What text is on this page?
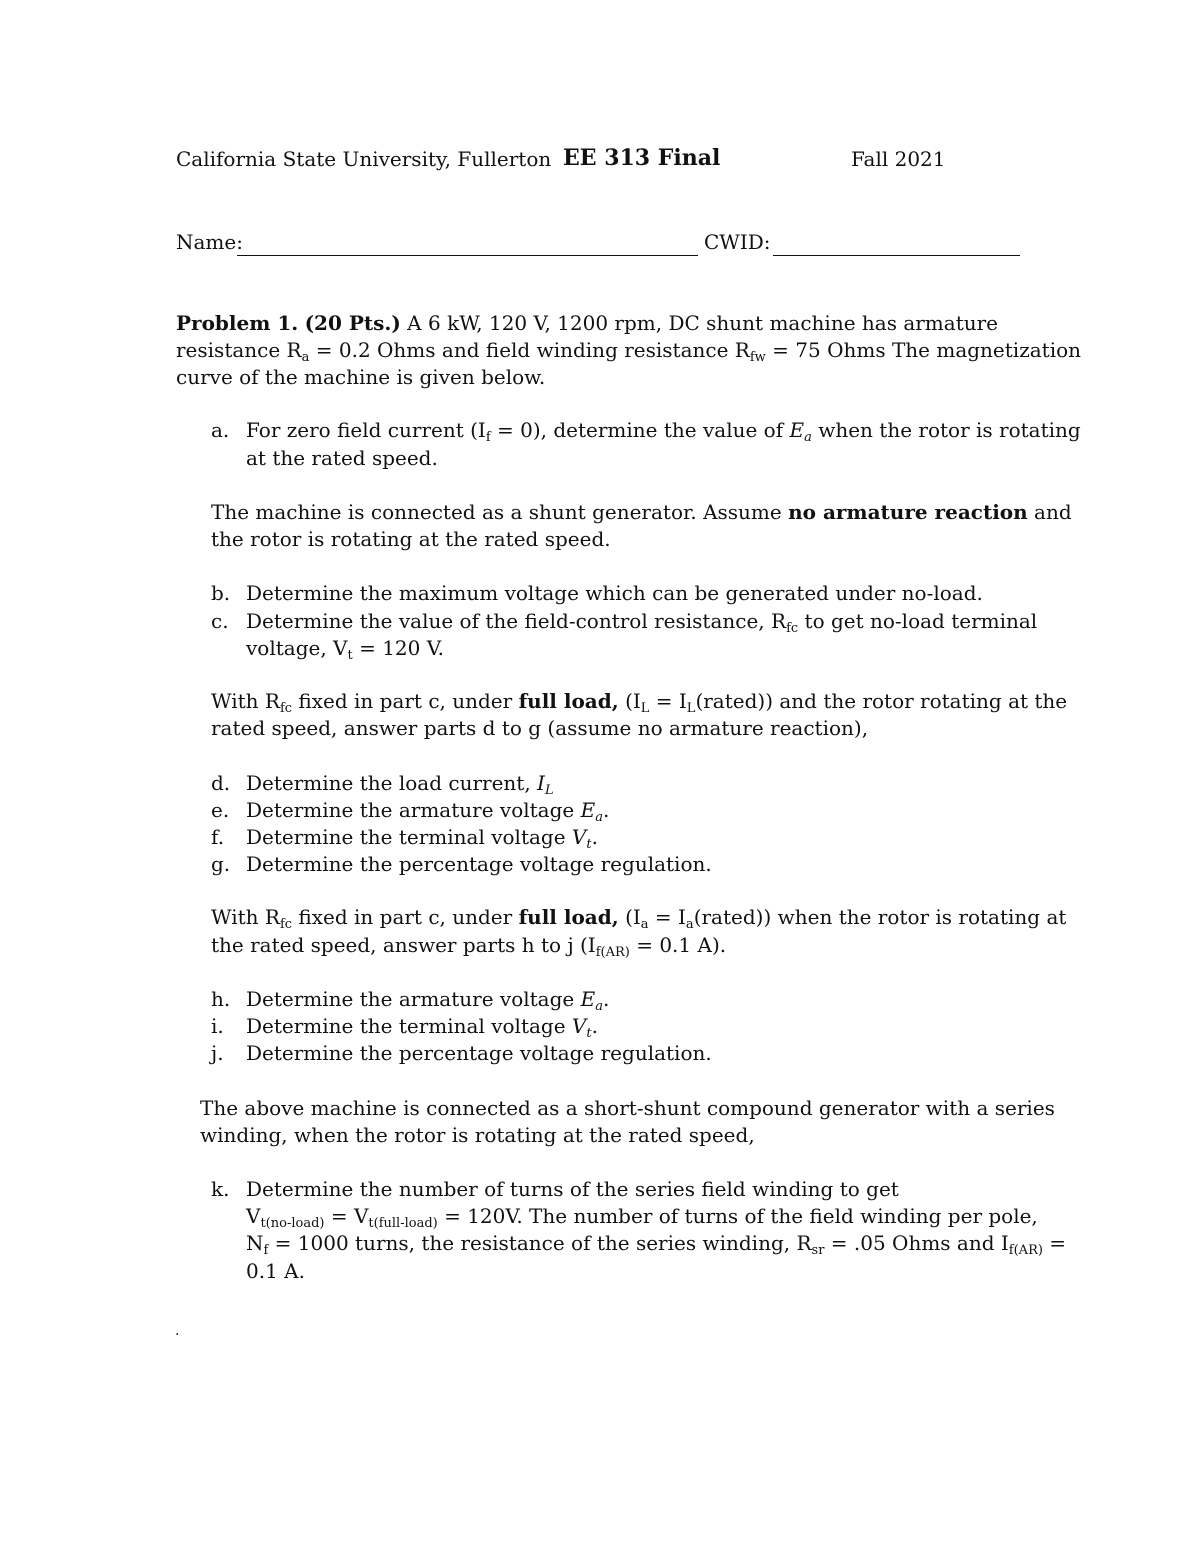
California State University, Fullerton EE 313 Final	Fall 2021
Name:	CWID:
Problem 1. (20 Pts.) A 6 kW, 120 V, 1200 rpm, DC shunt machine has armature
resistance $R_a = 0.2$ Ohms and field winding resistance $R_{fw} = 75$ Ohms The magnetization
curve of the machine is given below.
a. For zero field current $(I_f = 0)$, determine the value of $E_a$ when the rotor is rotating
at the rated speed.
The machine is connected as a shunt generator. Assume no armature reaction and
the rotor is rotating at the rated speed.
b. Determine the maximum voltage which can be generated under no-load.
c. Determine the value of the field-control resistance, $R_{fc}$ to get no-load terminal
voltage, $V_t = 120$ V.
With $R_{fc}$ fixed in part c, under full load, ($I_L$ = $I_L(rated)$) and the rotor rotating at the
rated speed, answer parts d to g (assume no armature reaction),
d. Determine the load current, $I_L$
e. Determine the armature voltage $E_a$.
f. Determine the terminal voltage $V_t$.
g. Determine the percentage voltage regulation.
With $R_{fc}$ fixed in part c, under full load, ($I_a$ = $I_a(rated)$) when the rotor is rotating at
the rated speed, answer parts h to j ($I_{f(AR)} = 0.1$ A).
h. Determine the armature voltage $E_a$.
i. Determine the terminal voltage $V_t$.
j. Determine the percentage voltage regulation.
The above machine is connected as a short-shunt compound generator with a series
winding, when the rotor is rotating at the rated speed,
k. Determine the number of turns of the series field winding to get
$V_{t(no-load)} = V_{t(full-load)} = 120V$. The number of turns of the field winding per pole,
$N_f = 1000$ turns, the resistance of the series winding, $R_{sr} = .05$ Ohms and $I_{f(AR)}$ =
0.1 A.
.
